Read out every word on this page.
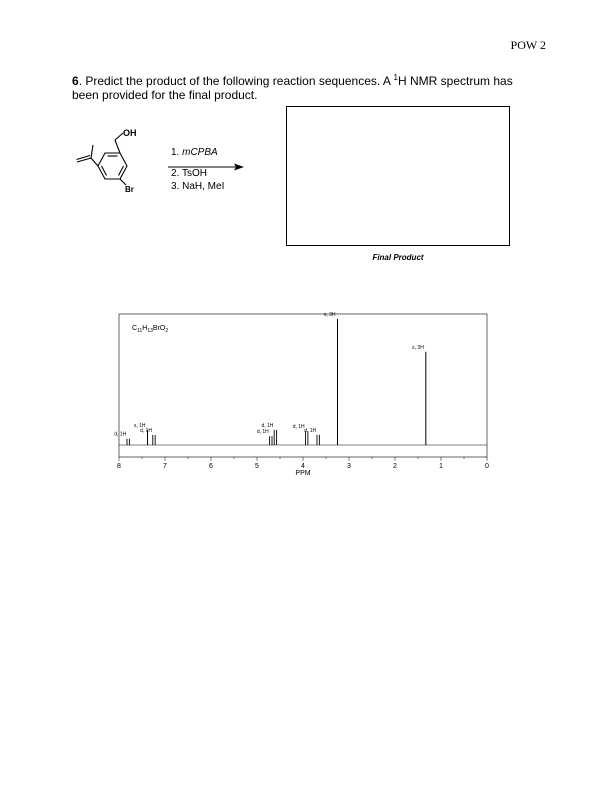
POW 2
6. Predict the product of the following reaction sequences. A $^1$H NMR spectrum has been provided for the final product.
OH
Br
1. mCPBA
2. TsOH
3. NaH, MeI
Final Product
$C_{11}H_{13}BrO_2$
d, 1H
s, 1H
d, 1H	d, 1H
d, 1H	d, 1H
d, 1H
s, 3H
s, 3H
8	7	6	5	4	3	2	1	0
PPM
